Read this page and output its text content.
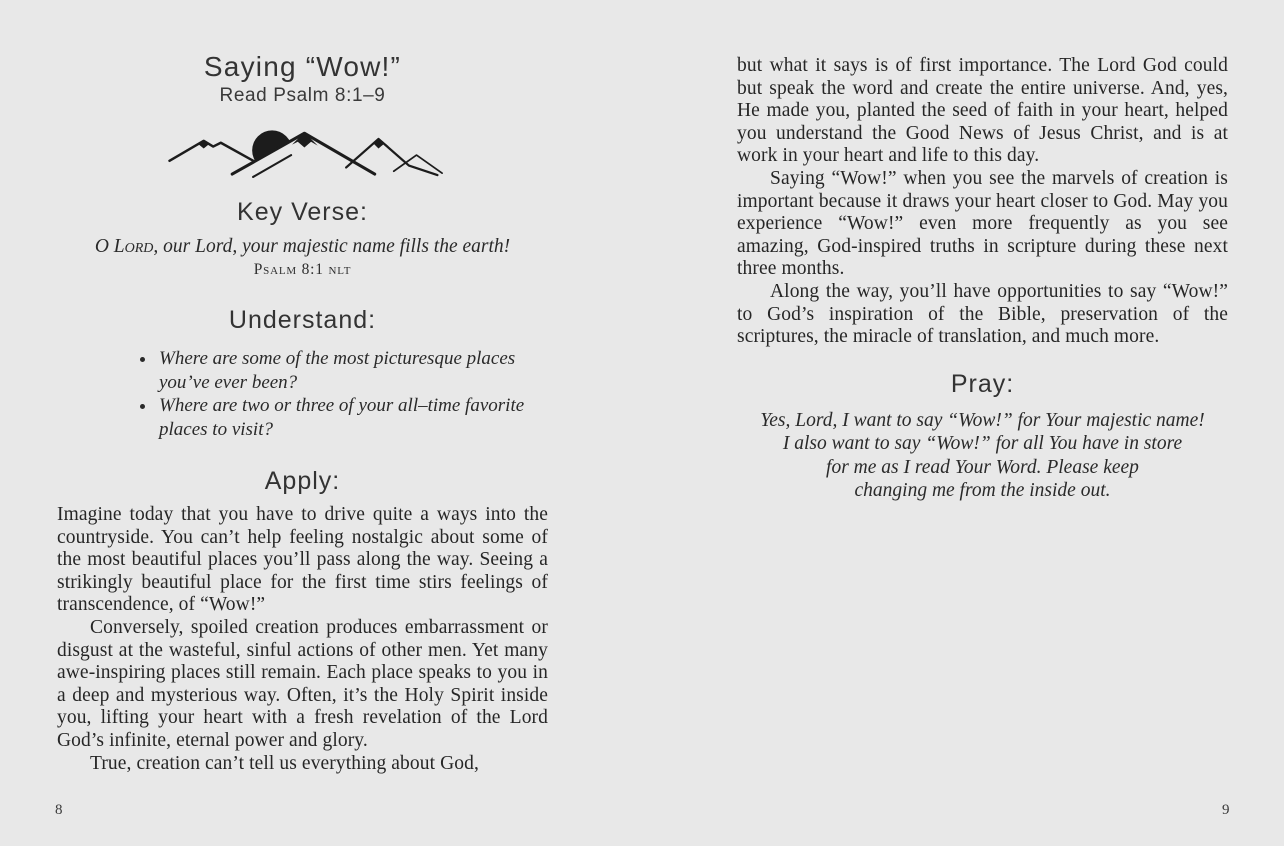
Saying “Wow!”
Read Psalm 8:1–9
Key Verse:

O Lord, our Lord, your majestic name fills the earth!

Psalm 8:1 nlt
Understand:
• Where are some of the most picturesque places you’ve ever been?
• Where are two or three of your all–time favorite places to visit?
Apply:

Imagine today that you have to drive quite a ways into the countryside. You can’t help feeling nostalgic about some of the most beautiful places you’ll pass along the way. Seeing a strikingly beautiful place for the first time stirs feelings of transcendence, of “Wow!”

Conversely, spoiled creation produces embarrassment or disgust at the wasteful, sinful actions of other men. Yet many awe-inspiring places still remain. Each place speaks to you in a deep and mysterious way. Often, it’s the Holy Spirit inside you, lifting your heart with a fresh revelation of the Lord God’s infinite, eternal power and glory.

True, creation can’t tell us everything about God,

but what it says is of first importance. The Lord God could but speak the word and create the entire universe. And, yes, He made you, planted the seed of faith in your heart, helped you understand the Good News of Jesus Christ, and is at work in your heart and life to this day.

Saying “Wow!” when you see the marvels of creation is important because it draws your heart closer to God. May you experience “Wow!” even more frequently as you see amazing, God-inspired truths in scripture during these next three months.

Along the way, you’ll have opportunities to say “Wow!” to God’s inspiration of the Bible, preservation of the scriptures, the miracle of translation, and much more.

Pray:
Yes, Lord, I want to say “Wow!” for Your majestic name!
I also want to say “Wow!” for all You have in store
for me as I read Your Word. Please keep
changing me from the inside out.
8	9
